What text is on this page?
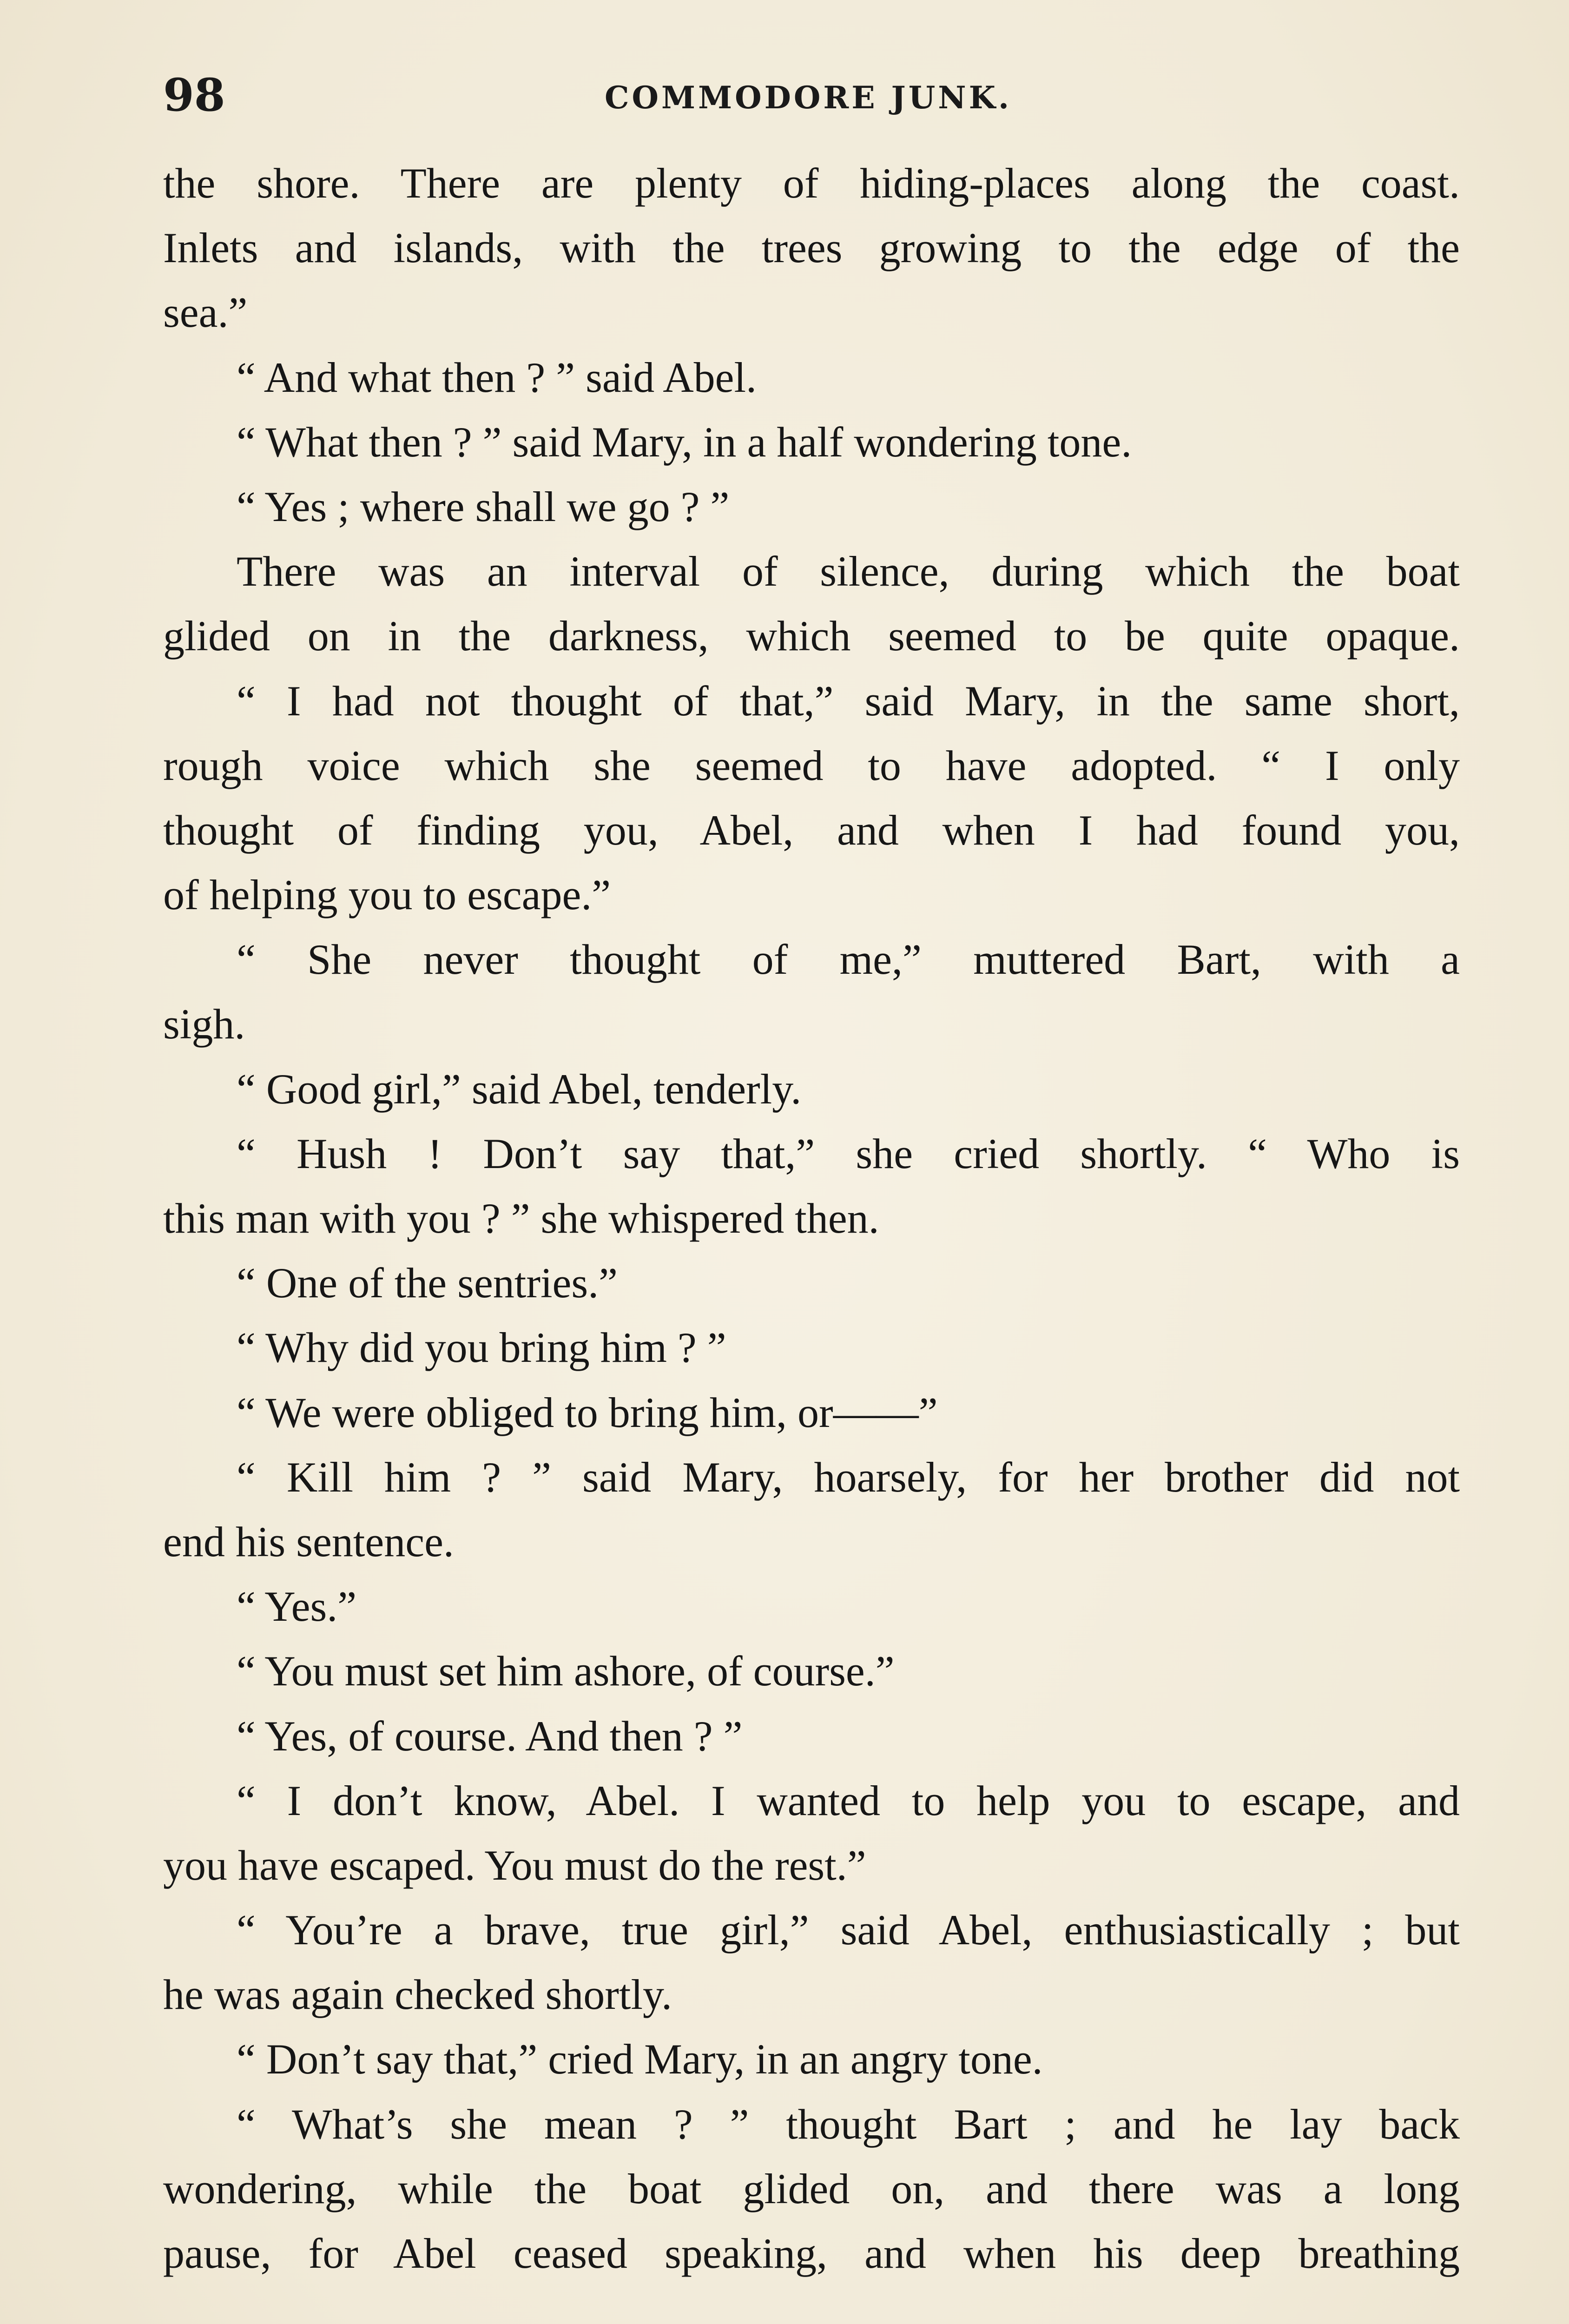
98	COMMODORE JUNK.
the shore. There are plenty of hiding-places along the coast.
Inlets and islands, with the trees growing to the edge of the
sea.”
“ And what then ? ” said Abel.
“ What then ? ” said Mary, in a half wondering tone.
“ Yes ; where shall we go ? ”
There was an interval of silence, during which the boat
glided on in the darkness, which seemed to be quite opaque.
“ I had not thought of that,” said Mary, in the same short,
rough voice which she seemed to have adopted. “ I only
thought of finding you, Abel, and when I had found you,
of helping you to escape.”
“ She never thought of me,” muttered Bart, with a
sigh.
“ Good girl,” said Abel, tenderly.
“ Hush ! Don’t say that,” she cried shortly. “ Who is
this man with you ? ” she whispered then.
“ One of the sentries.”
“ Why did you bring him ? ”
“ We were obliged to bring him, or——”
“ Kill him ? ” said Mary, hoarsely, for her brother did not
end his sentence.
“ Yes.”
“ You must set him ashore, of course.”
“ Yes, of course. And then ? ”
“ I don’t know, Abel. I wanted to help you to escape, and
you have escaped. You must do the rest.”
“ You’re a brave, true girl,” said Abel, enthusiastically ; but
he was again checked shortly.
“ Don’t say that,” cried Mary, in an angry tone.
“ What’s she mean ? ” thought Bart ; and he lay back
wondering, while the boat glided on, and there was a long
pause, for Abel ceased speaking, and when his deep breathing
